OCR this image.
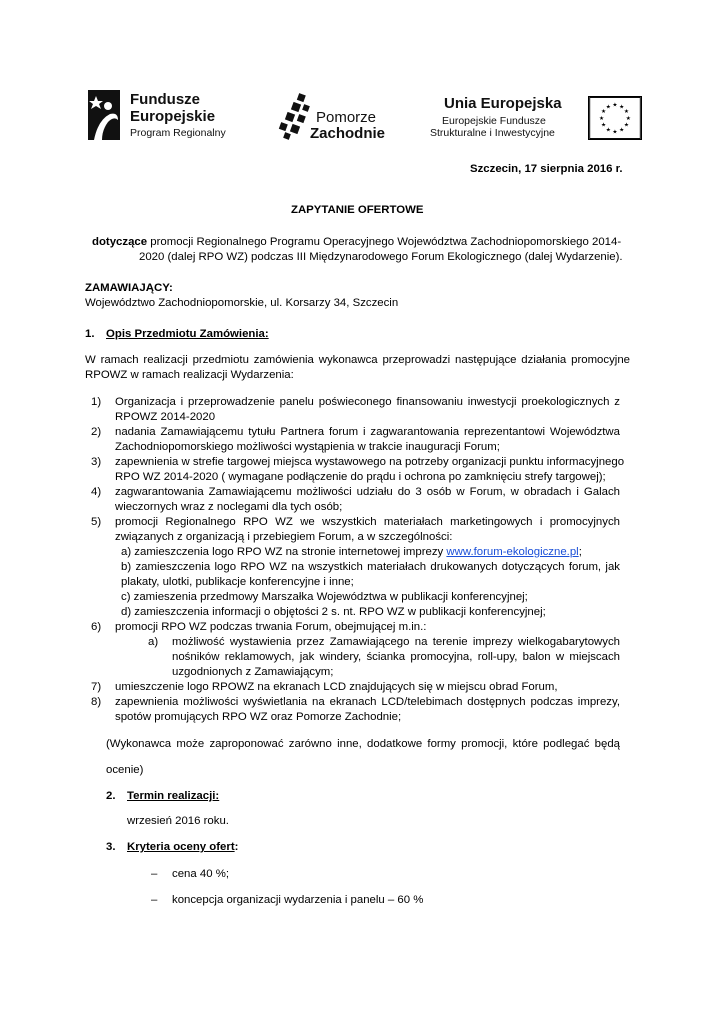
Fundusze
Europejskie
Program Regionalny
Pomorze
Zachodnie
Unia Europejska
Europejskie Fundusze
Strukturalne i Inwestycyjne
★ ★
★
★
★
★
★
★
★
★
★
★
Szczecin, 17 sierpnia 2016 r.
ZAPYTANIE OFERTOWE
dotyczące promocji Regionalnego Programu Operacyjnego Województwa Zachodniopomorskiego 2014-
2020 (dalej RPO WZ) podczas III Międzynarodowego Forum Ekologicznego (dalej Wydarzenie).
ZAMAWIAJĄCY:
Województwo Zachodniopomorskie, ul. Korsarzy 34, Szczecin
1. Opis Przedmiotu Zamówienia:
W ramach realizacji przedmiotu zamówienia wykonawca przeprowadzi następujące działania promocyjne
RPOWZ w ramach realizacji Wydarzenia:
1) Organizacja i przeprowadzenie panelu poświeconego finansowaniu inwestycji proekologicznych z
RPOWZ 2014-2020
2) nadania Zamawiającemu tytułu Partnera forum i zagwarantowania reprezentantowi Województwa
Zachodniopomorskiego możliwości wystąpienia w trakcie inauguracji Forum;
3) zapewnienia w strefie targowej miejsca wystawowego na potrzeby organizacji punktu informacyjnego
RPO WZ 2014-2020 ( wymagane podłączenie do prądu i ochrona po zamknięciu strefy targowej);
4) zagwarantowania Zamawiającemu możliwości udziału do 3 osób w Forum, w obradach i Galach
wieczornych wraz z noclegami dla tych osób;
5) promocji Regionalnego RPO WZ we wszystkich materiałach marketingowych i promocyjnych
związanych z organizacją i przebiegiem Forum, a w szczególności:
a) zamieszczenia logo RPO WZ na stronie internetowej imprezy www.forum-ekologiczne.pl;
b) zamieszczenia logo RPO WZ na wszystkich materiałach drukowanych dotyczących forum, jak
plakaty, ulotki, publikacje konferencyjne i inne;
c) zamieszenia przedmowy Marszałka Województwa w publikacji konferencyjnej;
d) zamieszczenia informacji o objętości 2 s. nt. RPO WZ w publikacji konferencyjnej;
6) promocji RPO WZ podczas trwania Forum, obejmującej m.in.:
a) możliwość wystawienia przez Zamawiającego na terenie imprezy wielkogabarytowych
nośników reklamowych, jak windery, ścianka promocyjna, roll-upy, balon w miejscach
uzgodnionych z Zamawiającym;
7) umieszczenie logo RPOWZ na ekranach LCD znajdujących się w miejscu obrad Forum,
8) zapewnienia możliwości wyświetlania na ekranach LCD/telebimach dostępnych podczas imprezy,
spotów promujących RPO WZ oraz Pomorze Zachodnie;
(Wykonawca może zaproponować zarówno inne, dodatkowe formy promocji, które podlegać będą
ocenie)
2. Termin realizacji:
wrzesień 2016 roku.
3. Kryteria oceny ofert:
– cena 40 %;
– koncepcja organizacji wydarzenia i panelu – 60 %
